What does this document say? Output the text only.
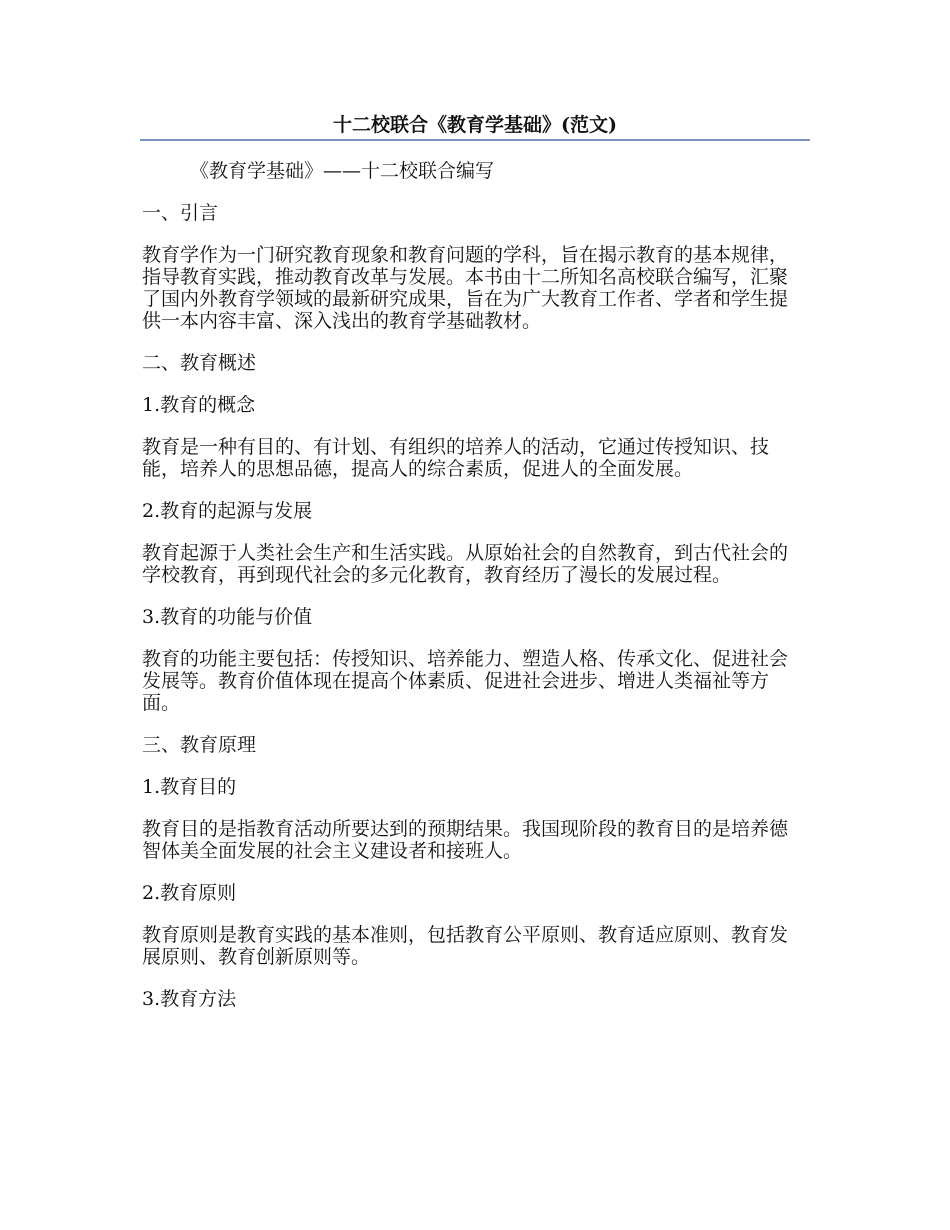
十二校联合《教育学基础》(范文)

《教育学基础》——十二校联合编写

一、引言

教育学作为一门研究教育现象和教育问题的学科，旨在揭示教育的基本规律，指导教育实践，推动教育改革与发展。本书由十二所知名高校联合编写，汇聚了国内外教育学领域的最新研究成果，旨在为广大教育工作者、学者和学生提供一本内容丰富、深入浅出的教育学基础教材。

二、教育概述

1.教育的概念

教育是一种有目的、有计划、有组织的培养人的活动，它通过传授知识、技能，培养人的思想品德，提高人的综合素质，促进人的全面发展。

2.教育的起源与发展

教育起源于人类社会生产和生活实践。从原始社会的自然教育，到古代社会的学校教育，再到现代社会的多元化教育，教育经历了漫长的发展过程。

3.教育的功能与价值

教育的功能主要包括：传授知识、培养能力、塑造人格、传承文化、促进社会发展等。教育价值体现在提高个体素质、促进社会进步、增进人类福祉等方面。

三、教育原理

1.教育目的

教育目的是指教育活动所要达到的预期结果。我国现阶段的教育目的是培养德智体美全面发展的社会主义建设者和接班人。

2.教育原则

教育原则是教育实践的基本准则，包括教育公平原则、教育适应原则、教育发展原则、教育创新原则等。

3.教育方法
